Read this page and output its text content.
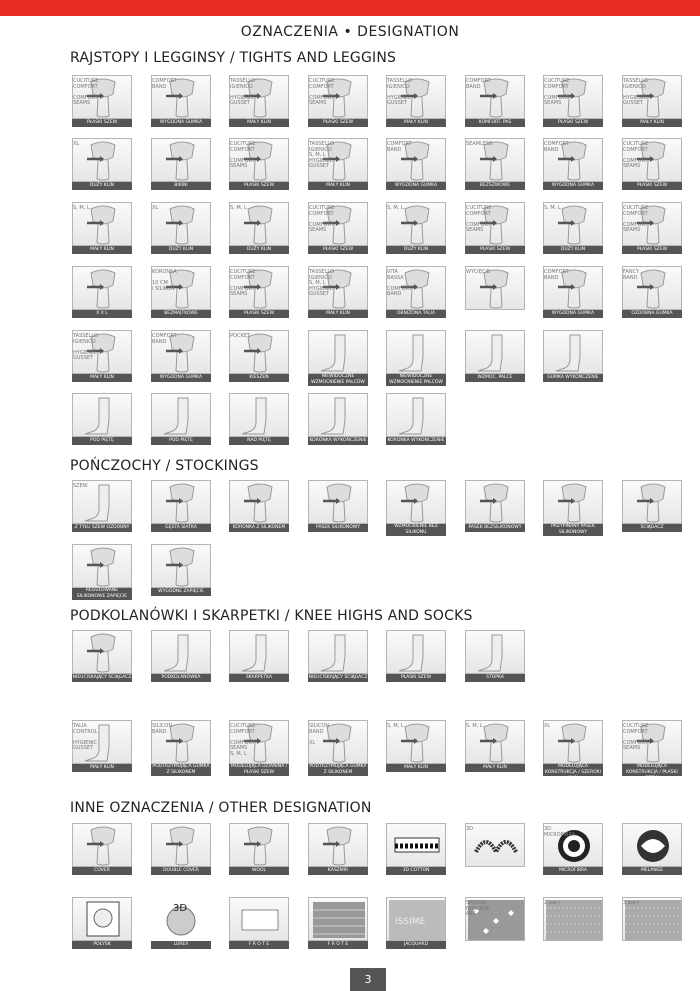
OZNACZENIA • DESIGNATION
RAJSTOPY I LEGGINSY / TIGHTS AND LEGGINS
POŃCZOCHY / STOCKINGS
PODKOLANÓWKI I SKARPETKI / KNEE HIGHS AND SOCKS
INNE OZNACZENIA / OTHER DESIGNATION
PŁASKI SZEW
CUCITURE
COMFORT

COMFORT
SEAMS
WYGODNA GUMKA
COMFORT
BAND
MAŁY KLIN
TASSELLO
IGIENICO

HYGIENIC
GUSSET
PŁASKI SZEW
CUCITURE
COMFORT

COMFORT
SEAMS
MAŁY KLIN
TASSELLO
IGIENICO

HYGIENIC
GUSSET
KOMFORT. PAS
COMFORT
BAND
PŁASKI SZEW
CUCITURE
COMFORT

COMFORT
SEAMS
MAŁY KLIN
TASSELLO
IGIENICO

HYGIENIC
GUSSET
DUŻY KLIN
XL
BIKINI	PŁASKI SZEW
CUCITURE
COMFORT

COMFORT
SEAMS
MAŁY KLIN
TASSELLO
IGIENICO
S, M, L
HYGIENIC
GUSSET
WYGODNA GUMKA
COMFORT
BAND
BEZSZWOWE
SEAMLESS
WYGODNA GUMKA
COMFORT
BAND
PŁASKI SZEW
CUCITURE
COMFORT

COMFORT
SEAMS
MAŁY KLIN
S, M, L
DUŻY KLIN
XL
DUŻY KLIN
S, M, L
PŁASKI SZEW
CUCITURE
COMFORT

COMFORT
SEAMS
DUŻY KLIN
S, M, L
PŁASKI SZEW
CUCITURE
COMFORT

COMFORT
SEAMS
DUŻY KLIN
S, M, L
PŁASKI SZEW
CUCITURE
COMFORT

COMFORT
SEAMS
X X L	BEZMAJTKOWE
KORONKA

10 CM
i SILIKON
PŁASKI SZEW
CUCITURE
COMFORT

COMFORT
SEAMS
MAŁY KLIN
TASSELLO
IGIENICO
S, M, L
HYGIENIC
GUSSET
OBNIŻONA TALIA
VITA
BASSA

COMFORT
BAND
WYCIĘCIE
WYGODNA GUMKA
COMFORT
BAND
OZDOBNA GUMKA
FANCY
BAND
MAŁY KLIN
TASSELLO
IGIENICO

HYGIENIC
GUSSET
WYGODNA GUMKA
COMFORT
BAND
KIESZEŃ
POCKET
NIEWIDOCZNE WZMOCNIENIE PALCÓW
NIEWIDOCZNE WZMOCNIENIE PALCÓW
WZMOC. PALCE	GUMKA WYKOŃCZENIE
POD PIĘTĘ	POD PIĘTĘ	NAD PIĘTĘ	KORONKA WYKOŃCZENIE	KORONKA WYKOŃCZENIE
Z TYŁU SZEW OZDOBNY
SZEW
GĘSTA SIATKA	KORONKA Z SILIKONEM	PASEK SILIKONOWY	WZMOCNIENIE BEZ SILIKONU
PASEK BEZSILIKONOWY	PRZYPINANY PASEK SILIKONOWY
ŚCIĄGACZ
REGULOWANE SILIKONOWE ZAPIĘCIE
WYGODNE ZAPIĘCIE
NIEUCISKAJĄCY ŚCIĄGACZ	PODKOLANÓWKA	SKARPETKA	NIEUCISKAJĄCY ŚCIĄGACZ	PŁASKI SZEW	STOPKA
MAŁY KLIN
TALIA
CONTROL

HYGIENIC
GUSSET
PODTRZYMUJĄCA GUMKA Z SILIKONEM
SILICON
BAND
MODELUJĄCA DZIANINA / PŁASKI SZEW
CUCITURE
COMFORT

COMFORT
SEAMS
S, M, L
PODTRZYMUJĄCA GUMKA Z SILIKONEM
SILICON
BAND

XL
MAŁY KLIN
S, M, L
MAŁY KLIN
S, M, L
MODELUJĄCA KONSTRUKCJA / SZEROKI KLIN
XL
MODELUJĄCA KONSTRUKCJA / PŁASKI SZEW
CUCITURE
COMFORT

COMFORT
SEAMS
COVER	DOUBLE COVER	WOOL	KASZMIR	3D COTTON
3D
MICROFIBRA
3D
MICROFIBRA
MELANGE
POŁYSK
3D
LUREX	F R O T E	F R O T E
ISSIME
JACQUARD
SPECIAL
NON-SLIP
ABS
2 pary	3 pary
3
